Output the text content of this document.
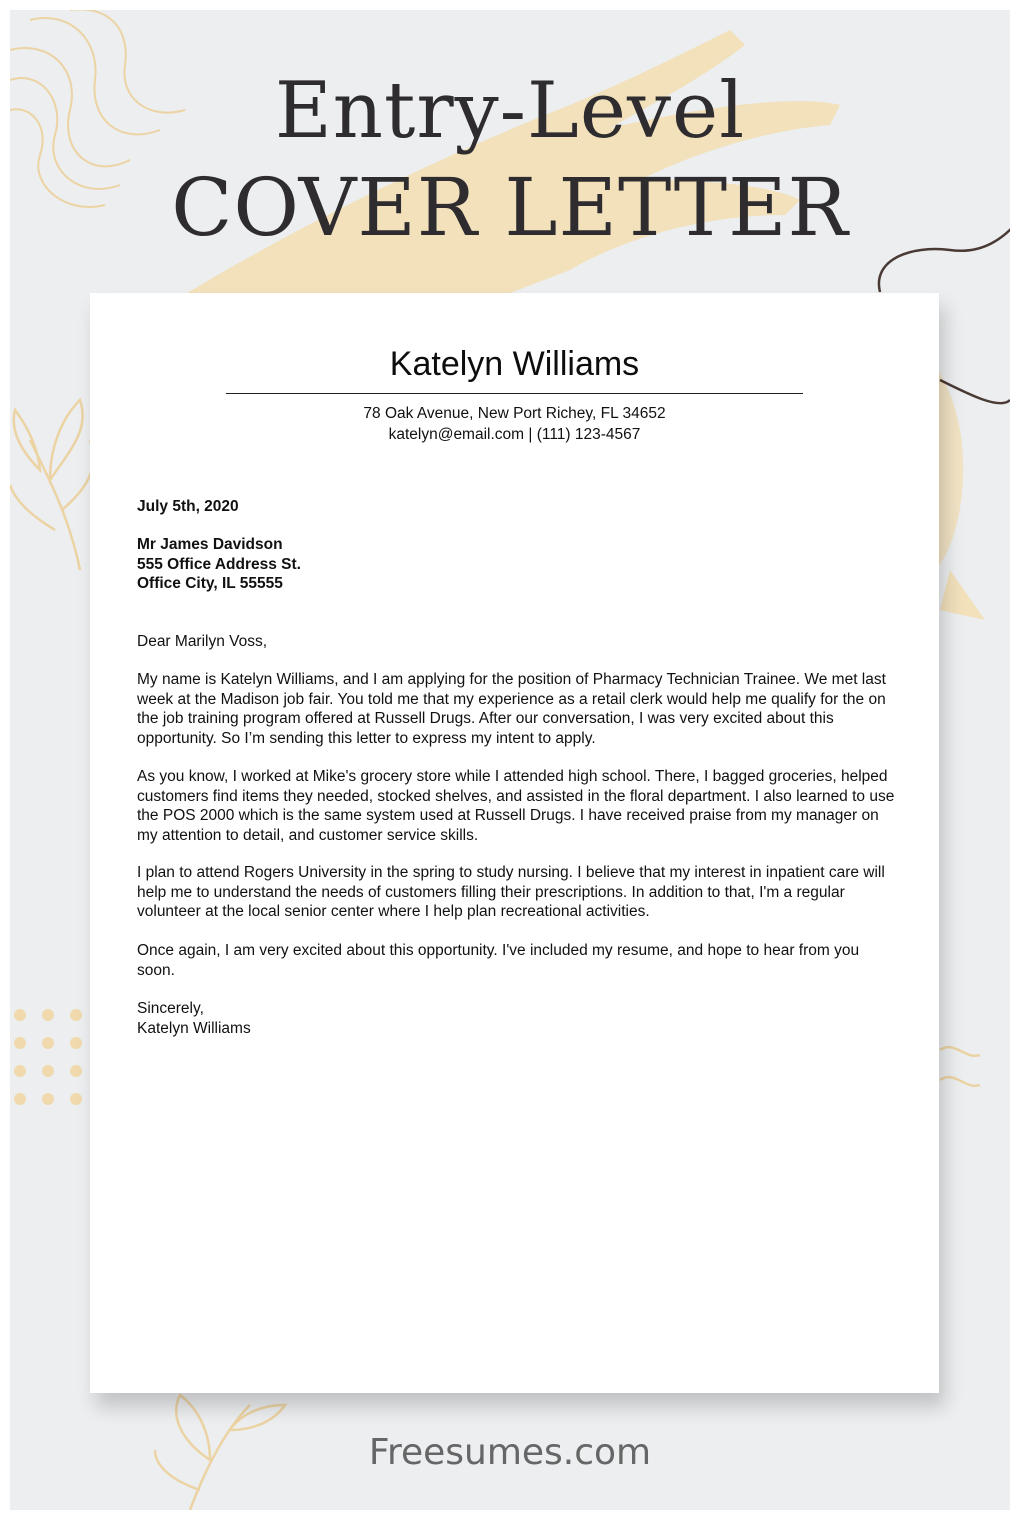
Entry-Level
COVER LETTER
Katelyn Williams
78 Oak Avenue, New Port Richey, FL 34652
katelyn@email.com | (111) 123-4567
July 5th, 2020
Mr James Davidson
555 Office Address St.
Office City, IL 55555
Dear Marilyn Voss,
My name is Katelyn Williams, and I am applying for the position of Pharmacy Technician Trainee. We met last week at the Madison job fair. You told me that my experience as a retail clerk would help me qualify for the on the job training program offered at Russell Drugs. After our conversation, I was very excited about this opportunity. So I’m sending this letter to express my intent to apply.
As you know, I worked at Mike's grocery store while I attended high school. There, I bagged groceries, helped customers find items they needed, stocked shelves, and assisted in the floral department. I also learned to use the POS 2000 which is the same system used at Russell Drugs. I have received praise from my manager on my attention to detail, and customer service skills.
I plan to attend Rogers University in the spring to study nursing. I believe that my interest in inpatient care will help me to understand the needs of customers filling their prescriptions. In addition to that, I'm a regular volunteer at the local senior center where I help plan recreational activities.
Once again, I am very excited about this opportunity. I've included my resume, and hope to hear from you soon.
Sincerely,
Katelyn Williams
Freesumes.com
